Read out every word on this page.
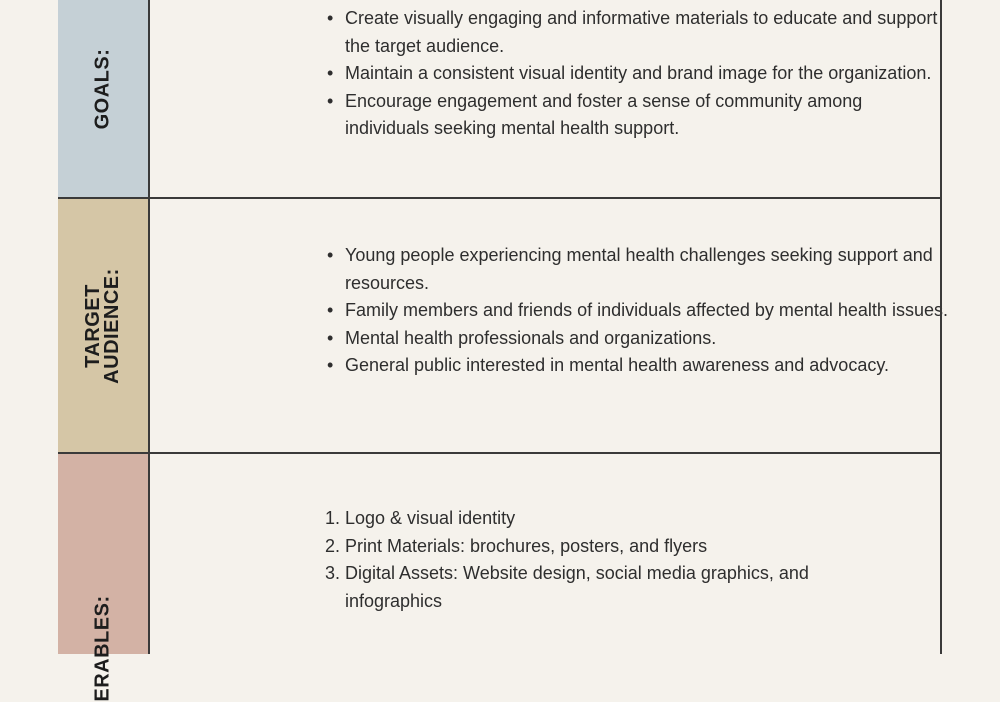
GOALS:
• Create visually engaging and informative materials to educate and support the target audience.
• Maintain a consistent visual identity and brand image for the organization.
• Encourage engagement and foster a sense of community among individuals seeking mental health support.
TARGET
AUDIENCE:
• Young people experiencing mental health challenges seeking support and resources.
• Family members and friends of individuals affected by mental health issues.
• Mental health professionals and organizations.
• General public interested in mental health awareness and advocacy.
ERABLES:
1. Logo & visual identity
2. Print Materials: brochures, posters, and flyers
3. Digital Assets: Website design, social media graphics, and infographics
